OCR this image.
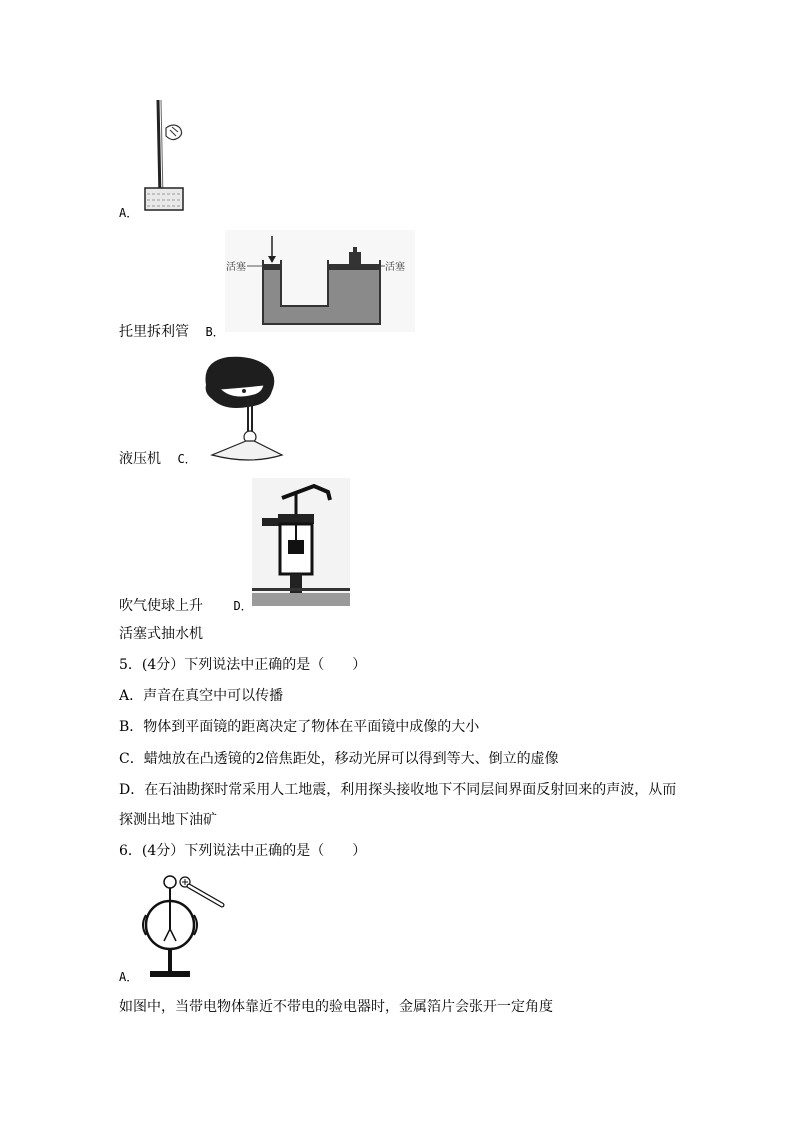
A．
活塞	活塞
托里拆利管 B．
液压机 C．
吹气使球上升	D．
活塞式抽水机
5．(4分）下列说法中正确的是（　　）
A．声音在真空中可以传播
B．物体到平面镜的距离决定了物体在平面镜中成像的大小
C．蜡烛放在凸透镜的2倍焦距处，移动光屏可以得到等大、倒立的虚像
D．在石油勘探时常采用人工地震，利用探头接收地下不同层间界面反射回来的声波，从而
探测出地下油矿
6．(4分）下列说法中正确的是（　　）
A．
如图中，当带电物体靠近不带电的验电器时，金属箔片会张开一定角度
